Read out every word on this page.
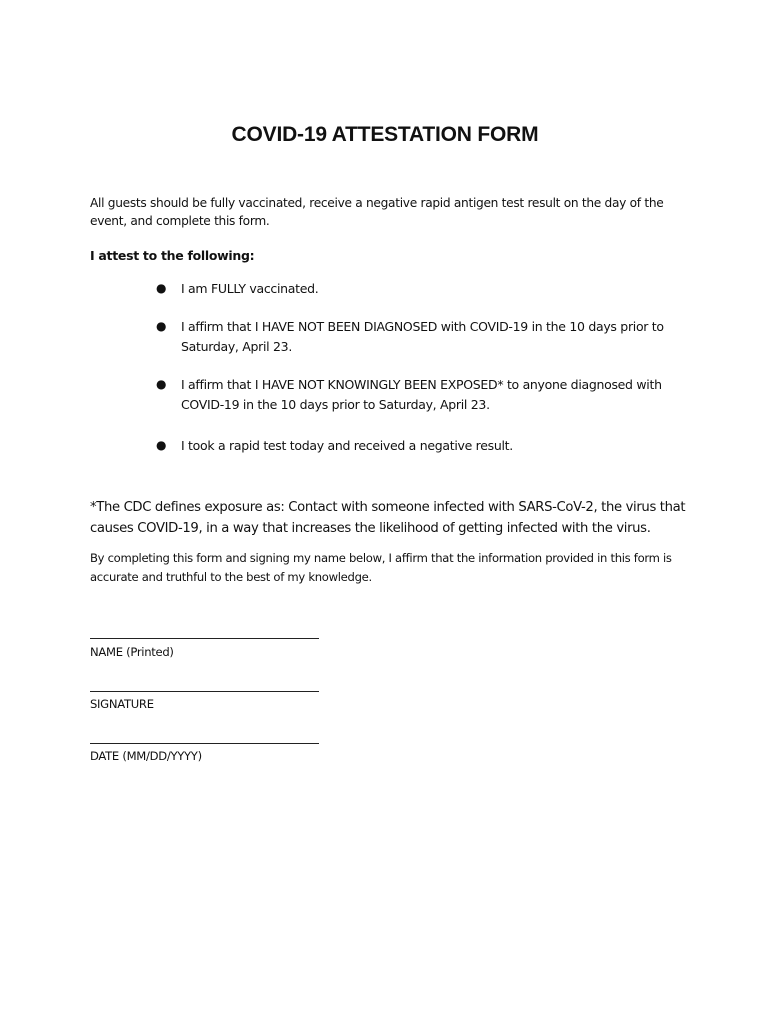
COVID-19 ATTESTATION FORM
All guests should be fully vaccinated, receive a negative rapid antigen test result on the day of the event, and complete this form.
I attest to the following:
● I am FULLY vaccinated.
● I affirm that I HAVE NOT BEEN DIAGNOSED with COVID-19 in the 10 days prior to Saturday, April 23.
● I affirm that I HAVE NOT KNOWINGLY BEEN EXPOSED* to anyone diagnosed with COVID-19 in the 10 days prior to Saturday, April 23.
● I took a rapid test today and received a negative result.
*The CDC defines exposure as: Contact with someone infected with SARS-CoV-2, the virus that causes COVID-19, in a way that increases the likelihood of getting infected with the virus.
By completing this form and signing my name below, I affirm that the information provided in this form is accurate and truthful to the best of my knowledge.
NAME (Printed)
SIGNATURE
DATE (MM/DD/YYYY)
